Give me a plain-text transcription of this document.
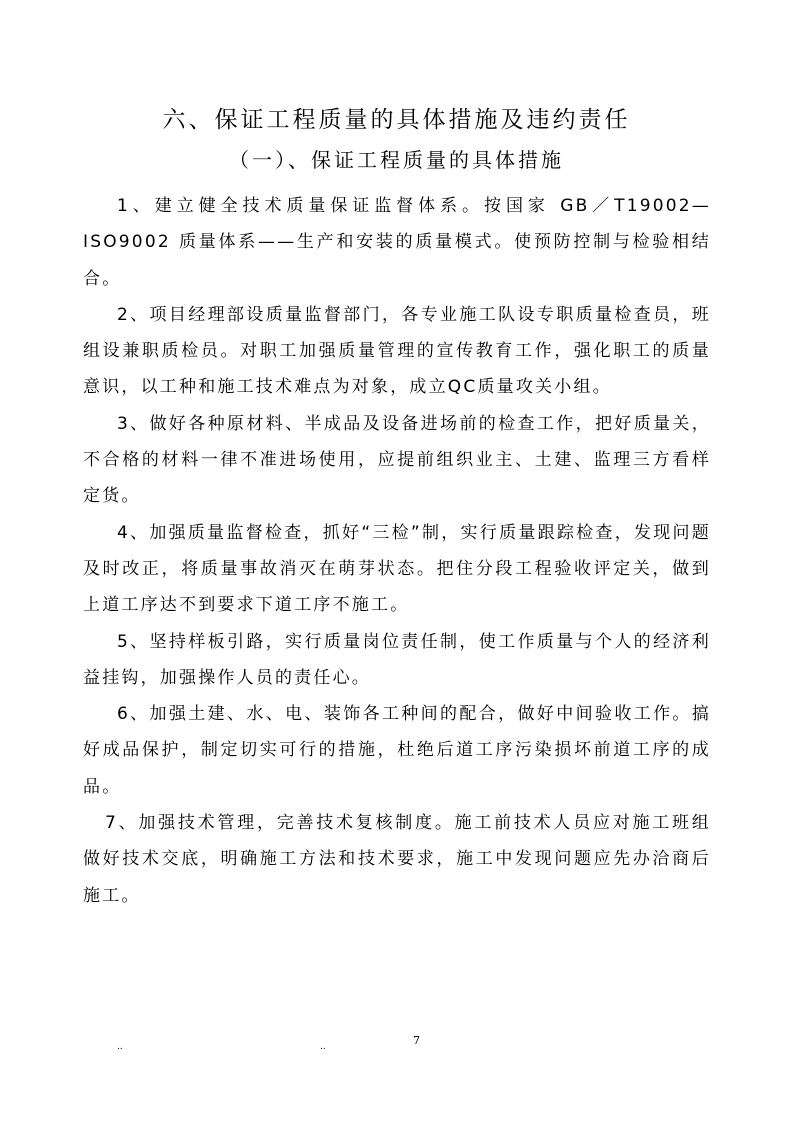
六、保证工程质量的具体措施及违约责任
（一）、保证工程质量的具体措施

1、建立健全技术质量保证监督体系。按国家 GB／T19002—ISO9002 质量体系——生产和安装的质量模式。使预防控制与检验相结合。

2、项目经理部设质量监督部门，各专业施工队设专职质量检查员，班组设兼职质检员。对职工加强质量管理的宣传教育工作，强化职工的质量意识，以工种和施工技术难点为对象，成立QC质量攻关小组。

3、做好各种原材料、半成品及设备进场前的检查工作，把好质量关，不合格的材料一律不准进场使用，应提前组织业主、土建、监理三方看样定货。

4、加强质量监督检查，抓好“三检”制，实行质量跟踪检查，发现问题及时改正，将质量事故消灭在萌芽状态。把住分段工程验收评定关，做到上道工序达不到要求下道工序不施工。

5、坚持样板引路，实行质量岗位责任制，使工作质量与个人的经济利益挂钩，加强操作人员的责任心。

6、加强土建、水、电、装饰各工种间的配合，做好中间验收工作。搞好成品保护，制定切实可行的措施，杜绝后道工序污染损坏前道工序的成品。

7、加强技术管理，完善技术复核制度。施工前技术人员应对施工班组做好技术交底，明确施工方法和技术要求，施工中发现问题应先办洽商后施工。

..	..	7
